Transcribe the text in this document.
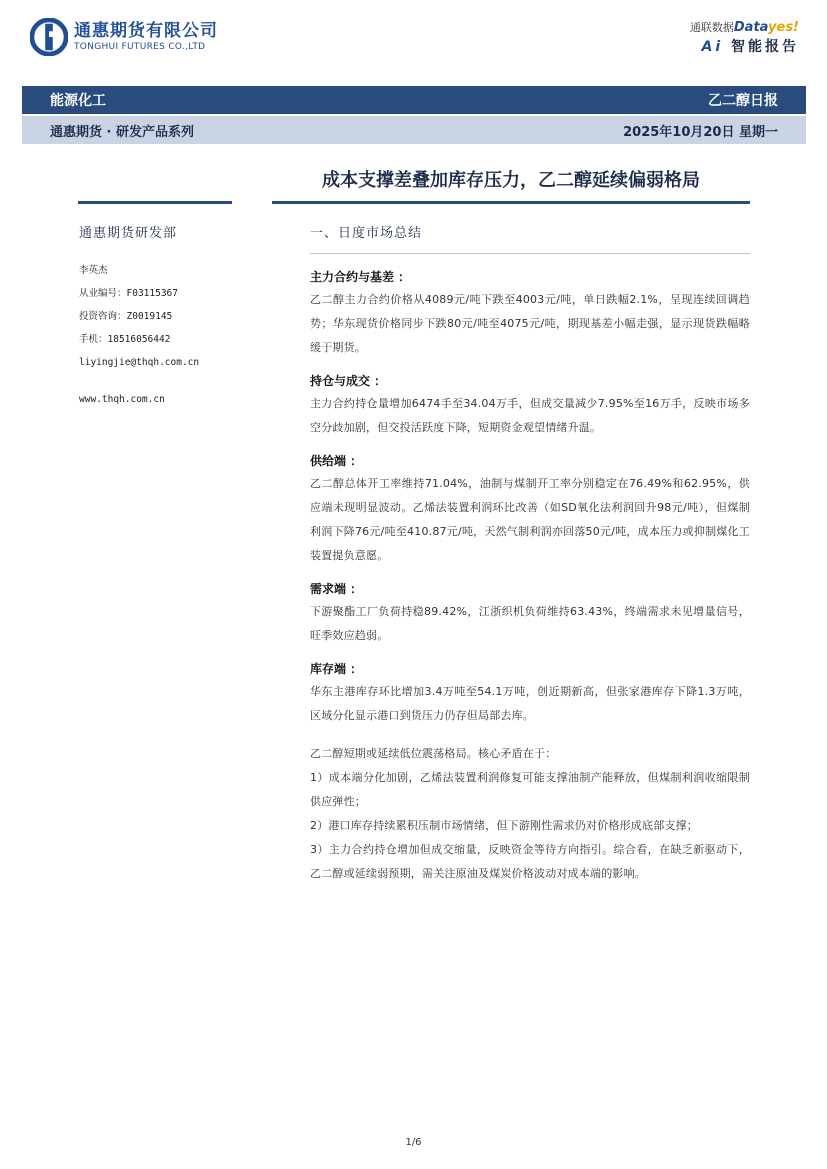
通惠期货有限公司
TONGHUI FUTURES CO.,LTD
通联数据Datayes!
Ai 智能报告
能源化工	乙二醇日报
通惠期货 · 研发产品系列	2025年10月20日 星期一
成本支撑差叠加库存压力，乙二醇延续偏弱格局
通惠期货研发部
李英杰
从业编号：F03115367
投资咨询：Z0019145
手机：18516056442
liyingjie@thqh.com.cn
www.thqh.com.cn
一、日度市场总结
主力合约与基差 ：
乙二醇主力合约价格从4089元/吨下跌至4003元/吨，单日跌幅2.1%，呈现连续回调趋势；华东现货价格同步下跌80元/吨至4075元/吨，期现基差小幅走强，显示现货跌幅略缓于期货。
持仓与成交 ：
主力合约持仓量增加6474手至34.04万手，但成交量减少7.95%至16万手，反映市场多空分歧加剧，但交投活跃度下降，短期资金观望情绪升温。
供给端 ：
乙二醇总体开工率维持71.04%，油制与煤制开工率分别稳定在76.49%和62.95%，供应端未现明显波动。乙烯法装置利润环比改善（如SD氧化法利润回升98元/吨），但煤制利润下降76元/吨至410.87元/吨，天然气制利润亦回落50元/吨，成本压力或抑制煤化工装置提负意愿。
需求端 ：
下游聚酯工厂负荷持稳89.42%，江浙织机负荷维持63.43%，终端需求未见增量信号，旺季效应趋弱。
库存端 ：
华东主港库存环比增加3.4万吨至54.1万吨，创近期新高，但张家港库存下降1.3万吨，区域分化显示港口到货压力仍存但局部去库。
乙二醇短期或延续低位震荡格局。核心矛盾在于：
1）成本端分化加剧，乙烯法装置利润修复可能支撑油制产能释放，但煤制利润收缩限制供应弹性；
2）港口库存持续累积压制市场情绪，但下游刚性需求仍对价格形成底部支撑；
3）主力合约持仓增加但成交缩量，反映资金等待方向指引。综合看，在缺乏新驱动下，乙二醇或延续弱预期，需关注原油及煤炭价格波动对成本端的影响。
1/6
